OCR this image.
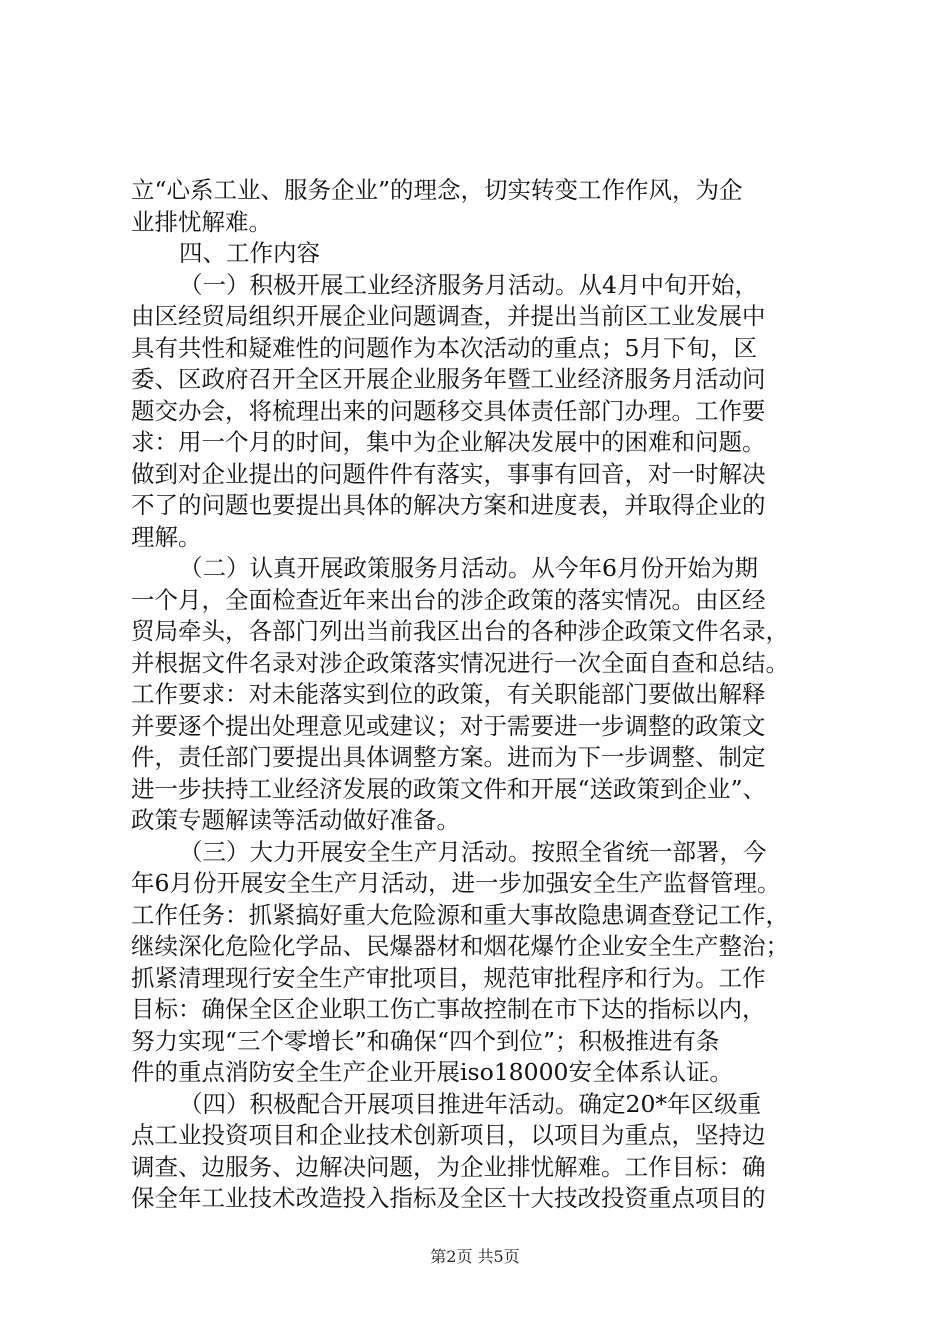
立“心系工业、服务企业”的理念，切实转变工作作风，为企
业排忧解难。
四、工作内容
（一）积极开展工业经济服务月活动。从4月中旬开始，
由区经贸局组织开展企业问题调查，并提出当前区工业发展中
具有共性和疑难性的问题作为本次活动的重点；5月下旬，区
委、区政府召开全区开展企业服务年暨工业经济服务月活动问
题交办会，将梳理出来的问题移交具体责任部门办理。工作要
求：用一个月的时间，集中为企业解决发展中的困难和问题。
做到对企业提出的问题件件有落实，事事有回音，对一时解决
不了的问题也要提出具体的解决方案和进度表，并取得企业的
理解。
（二）认真开展政策服务月活动。从今年6月份开始为期
一个月，全面检查近年来出台的涉企政策的落实情况。由区经
贸局牵头，各部门列出当前我区出台的各种涉企政策文件名录，
并根据文件名录对涉企政策落实情况进行一次全面自查和总结。
工作要求：对未能落实到位的政策，有关职能部门要做出解释
并要逐个提出处理意见或建议；对于需要进一步调整的政策文
件，责任部门要提出具体调整方案。进而为下一步调整、制定
进一步扶持工业经济发展的政策文件和开展“送政策到企业”、
政策专题解读等活动做好准备。
（三）大力开展安全生产月活动。按照全省统一部署，今
年6月份开展安全生产月活动，进一步加强安全生产监督管理。
工作任务：抓紧搞好重大危险源和重大事故隐患调查登记工作，
继续深化危险化学品、民爆器材和烟花爆竹企业安全生产整治；
抓紧清理现行安全生产审批项目，规范审批程序和行为。工作
目标：确保全区企业职工伤亡事故控制在市下达的指标以内，
努力实现“三个零增长”和确保“四个到位”；积极推进有条
件的重点消防安全生产企业开展iso18000安全体系认证。
（四）积极配合开展项目推进年活动。确定20*年区级重
点工业投资项目和企业技术创新项目，以项目为重点，坚持边
调查、边服务、边解决问题，为企业排忧解难。工作目标：确
保全年工业技术改造投入指标及全区十大技改投资重点项目的
第2页 共5页
